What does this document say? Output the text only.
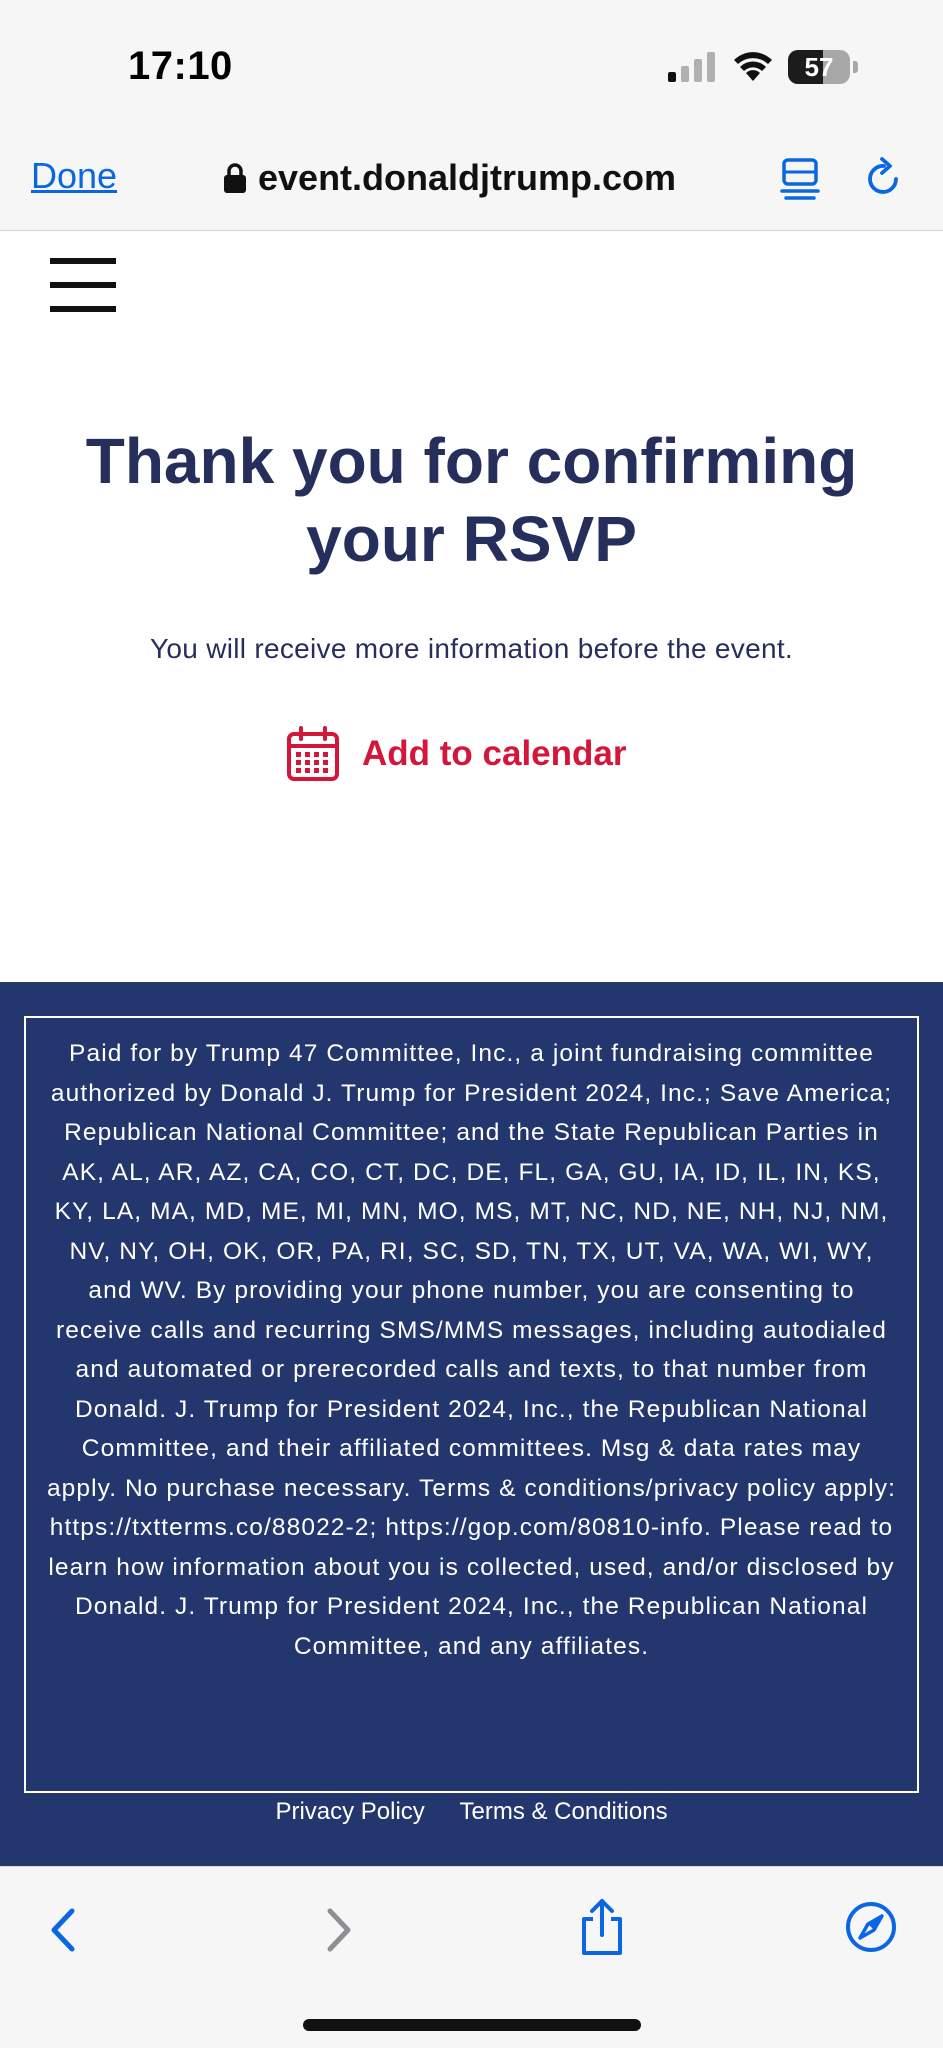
17:10	57
Done	event.donaldjtrump.com
Thank you for confirming your RSVP

You will receive more information before the event.

Add to calendar

Paid for by Trump 47 Committee, Inc., a joint fundraising committee authorized by Donald J. Trump for President 2024, Inc.; Save America; Republican National Committee; and the State Republican Parties in AK, AL, AR, AZ, CA, CO, CT, DC, DE, FL, GA, GU, IA, ID, IL, IN, KS, KY, LA, MA, MD, ME, MI, MN, MO, MS, MT, NC, ND, NE, NH, NJ, NM, NV, NY, OH, OK, OR, PA, RI, SC, SD, TN, TX, UT, VA, WA, WI, WY, and WV. By providing your phone number, you are consenting to receive calls and recurring SMS/MMS messages, including autodialed and automated or prerecorded calls and texts, to that number from Donald. J. Trump for President 2024, Inc., the Republican National Committee, and their affiliated committees. Msg & data rates may apply. No purchase necessary. Terms & conditions/privacy policy apply: https://txtterms.co/88022-2; https://gop.com/80810-info. Please read to learn how information about you is collected, used, and/or disclosed by Donald. J. Trump for President 2024, Inc., the Republican National Committee, and any affiliates.

Privacy Policy Terms & Conditions
